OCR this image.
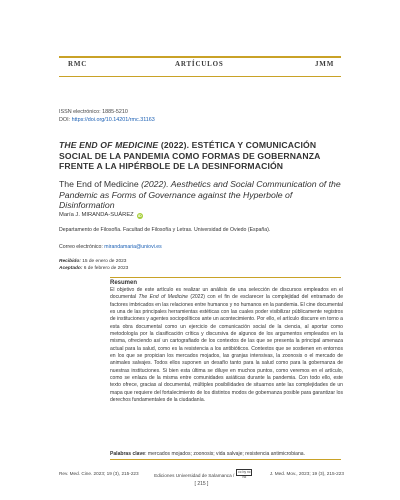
RMC	ARTÍCULOS	JMM
ISSN electrónico: 1885-5210
DOI: https://doi.org/10.14201/rmc.31163
THE END OF MEDICINE (2022). ESTÉTICA Y COMUNICACIÓN SOCIAL DE LA PANDEMIA COMO FORMAS DE GOBERNANZA FRENTE A LA HIPÉRBOLE DE LA DESINFORMACIÓN
The End of Medicine (2022). Aesthetics and Social Communication of the Pandemic as Forms of Governance against the Hyperbole of Disinformation
María J. MIRANDA-SUÁREZ iD
Departamento de Filosofía. Facultad de Filosofía y Letras. Universidad de Oviedo (España).
Correo electrónico: mirandamaria@uniovi.es
Recibido: 15 de enero de 2023
Aceptado: 6 de febrero de 2023
Resumen
El objetivo de este artículo es realizar un análisis de una selección de discursos empleados en el documental The End of Medicine (2022) con el fin de esclarecer la complejidad del entramado de factores imbricados en las relaciones entre humanos y no humanos en la pandemia. El cine documental es una de las principales herramientas estéticas con las cuales poder visibilizar públicamente registros de instituciones y agentes sociopolíticos ante un acontecimiento. Por ello, el artículo discurre en torno a esta obra documental como un ejercicio de comunicación social de la ciencia, al aportar como metodología por la clasificación crítica y discursiva de algunos de los argumentos empleados en la misma, ofreciendo así un cartografiado de los contextos de las que se presenta la principal amenaza actual para la salud, como es la resistencia a los antibióticos. Contextos que se sostienen en entornos en los que se propician los mercados mojados, las granjas intensivas, la zoonosis o el mercado de animales salvajes. Todos ellos suponen un desafío tanto para la salud como para la gobernanza de nuestras instituciones. Si bien esta última se diluye en muchos puntos, como veremos en el artículo, como se enlaza de la misma entre comunidades asiáticas durante la pandemia. Con todo ello, este texto ofrece, gracias al documental, múltiples posibilidades de situarnos ante las complejidades de un mapa que requiere del fortalecimiento de los distintos modos de gobernanza posible para garantizar los derechos fundamentales de la ciudadanía.
Palabras clave: mercados mojados; zoonosis; vida salvaje; resistencia antimicrobiana.
Rev. Med. Cine. 2023; 19 (3), 215-223	Ediciones Universidad de Salamanca /cc by nc nd
J. Med. Mov., 2023; 19 (3), 215-223
[ 215 ]
